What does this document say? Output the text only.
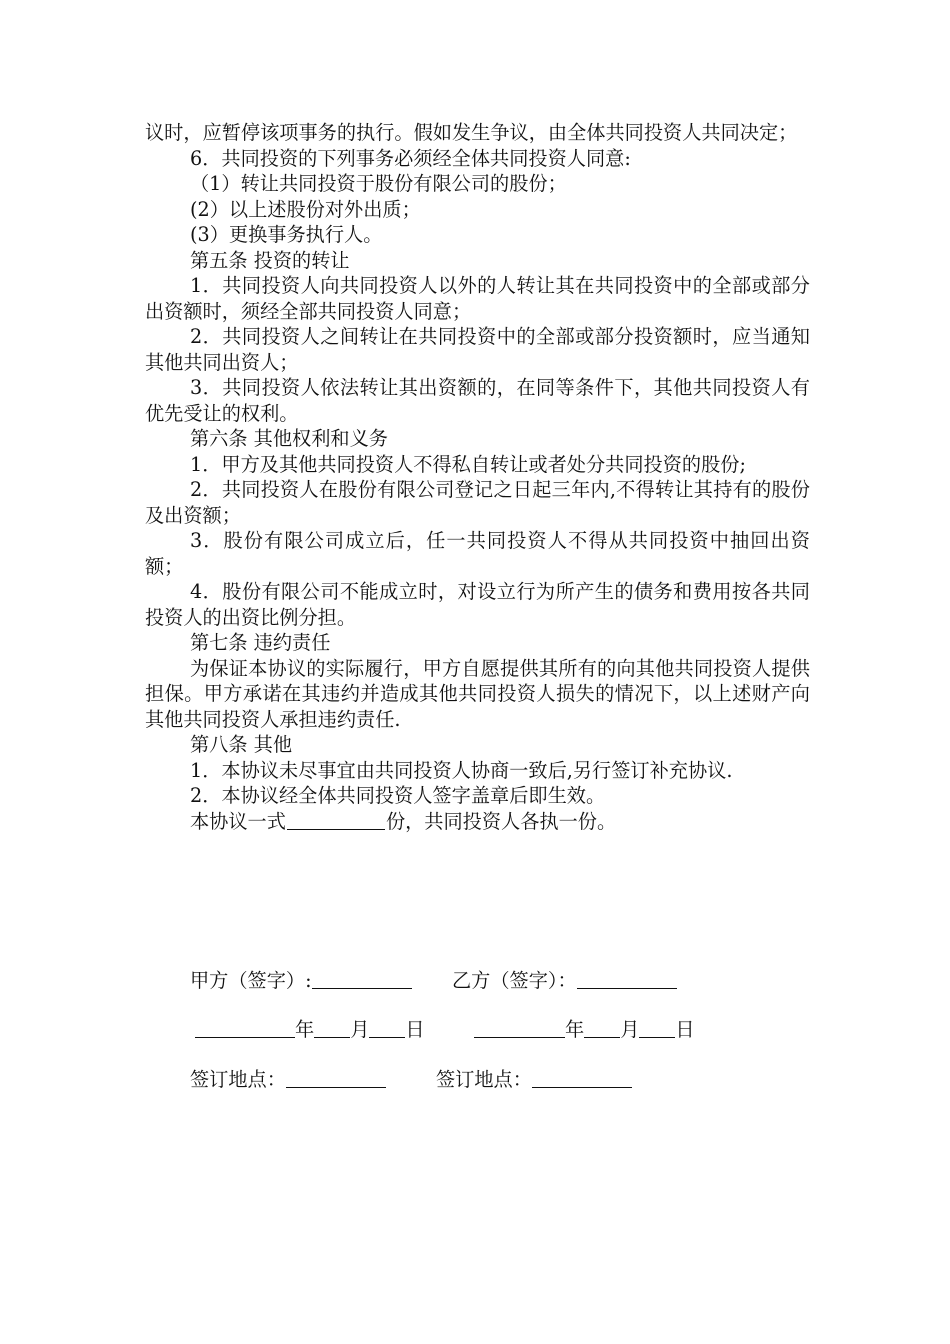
议时，应暂停该项事务的执行。假如发生争议，由全体共同投资人共同决定；

6．共同投资的下列事务必须经全体共同投资人同意:

（1）转让共同投资于股份有限公司的股份；

(2）以上述股份对外出质；

(3）更换事务执行人。

第五条 投资的转让

1．共同投资人向共同投资人以外的人转让其在共同投资中的全部或部分出资额时，须经全部共同投资人同意；

2．共同投资人之间转让在共同投资中的全部或部分投资额时，应当通知其他共同出资人；

3．共同投资人依法转让其出资额的，在同等条件下，其他共同投资人有优先受让的权利。

第六条 其他权利和义务

1．甲方及其他共同投资人不得私自转让或者处分共同投资的股份;

2．共同投资人在股份有限公司登记之日起三年内,不得转让其持有的股份及出资额；

3．股份有限公司成立后，任一共同投资人不得从共同投资中抽回出资额；

4．股份有限公司不能成立时，对设立行为所产生的债务和费用按各共同投资人的出资比例分担。

第七条 违约责任

为保证本协议的实际履行，甲方自愿提供其所有的向其他共同投资人提供担保。甲方承诺在其违约并造成其他共同投资人损失的情况下，以上述财产向其他共同投资人承担违约责任.

第八条 其他

1．本协议未尽事宜由共同投资人协商一致后,另行签订补充协议.

2．本协议经全体共同投资人签字盖章后即生效。

本协议一式	份，共同投资人各执一份。

甲方（签字）:	乙方（签字）：
年 月 日	年 月 日
签订地点：	签订地点：
